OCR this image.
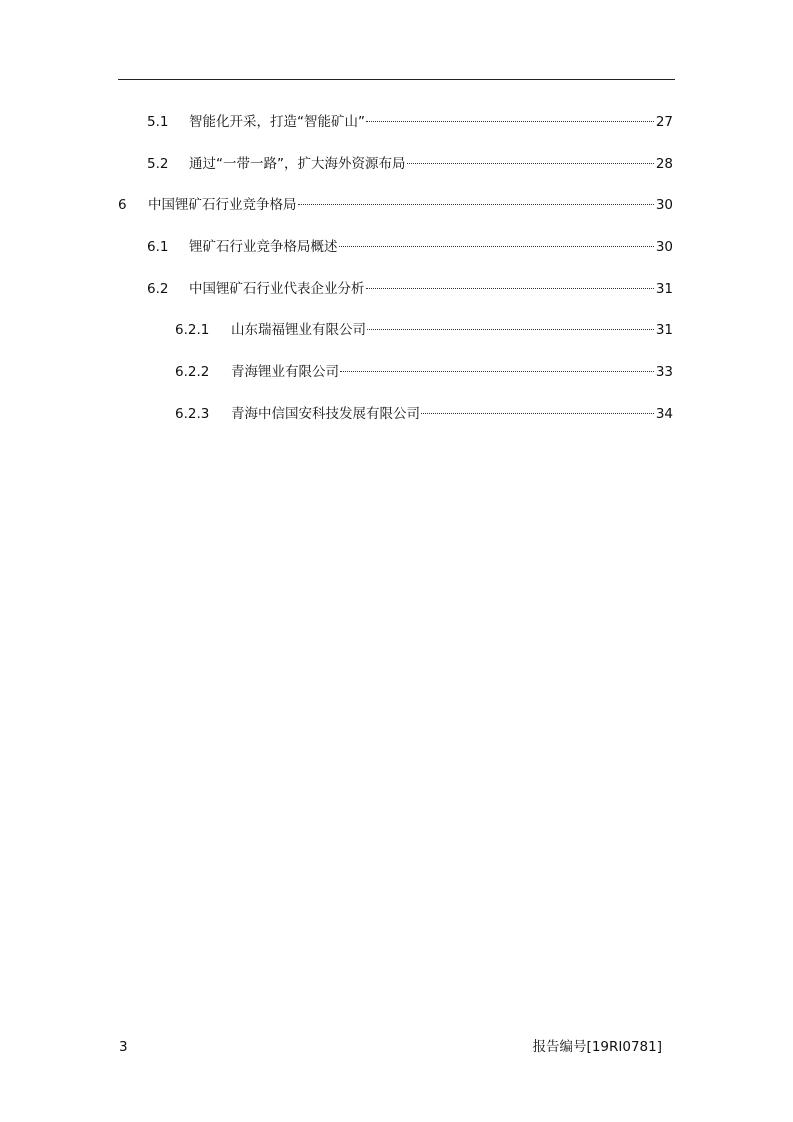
5.1	智能化开采，打造“智能矿山”	27
5.2	通过“一带一路”，扩大海外资源布局	28
6	中国锂矿石行业竞争格局	30
6.1	锂矿石行业竞争格局概述	30
6.2	中国锂矿石行业代表企业分析	31
6.2.1	山东瑞福锂业有限公司	31
6.2.2	青海锂业有限公司	33
6.2.3	青海中信国安科技发展有限公司	34
3	报告编号[19RI0781]
